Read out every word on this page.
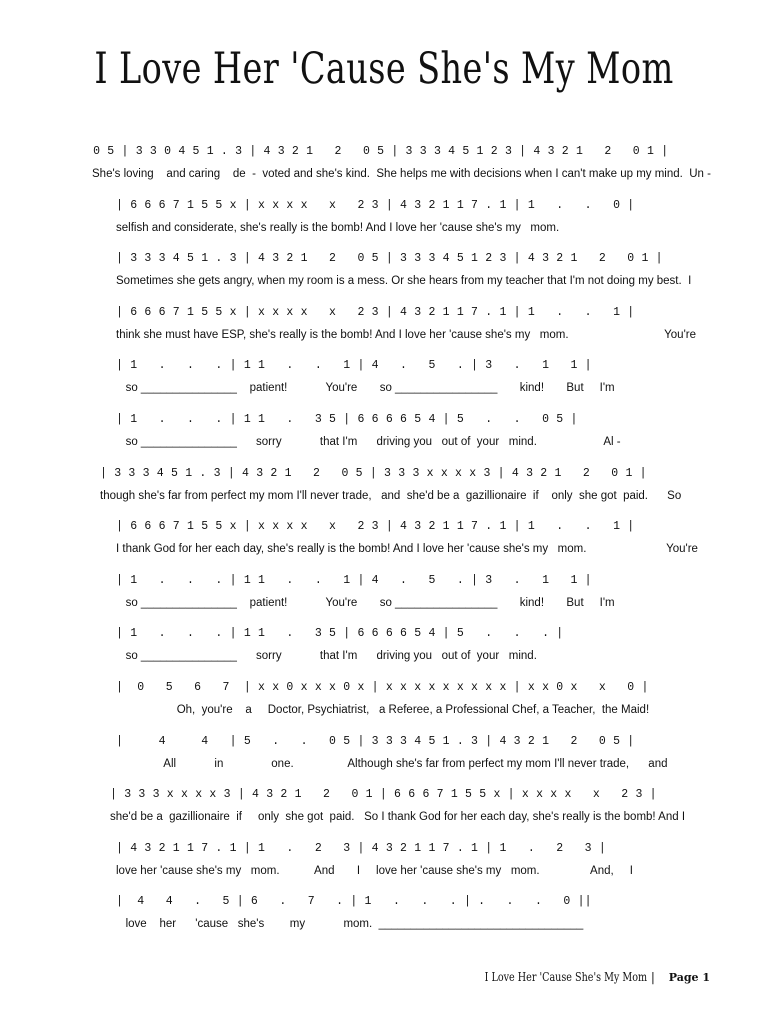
I Love Her 'Cause She's My Mom
0 5 | 3 3 0 4 5 1 . 3 | 4 3 2 1   2   0 5 | 3 3 3 4 5 1 2 3 | 4 3 2 1   2   0 1 |
She's loving    and caring    de  -  voted and she's kind.  She helps me with decisions when I can't make up my mind.  Un -
| 6 6 6 7 1 5 5 x | x x x x   x   2 3 | 4 3 2 1 1 7 . 1 | 1   .   .   0 |
selfish and considerate, she's really is the bomb! And I love her 'cause she's my   mom.
| 3 3 3 4 5 1 . 3 | 4 3 2 1   2   0 5 | 3 3 3 4 5 1 2 3 | 4 3 2 1   2   0 1 |
Sometimes she gets angry, when my room is a mess. Or she hears from my teacher that I'm not doing my best.  I
| 6 6 6 7 1 5 5 x | x x x x   x   2 3 | 4 3 2 1 1 7 . 1 | 1   .   .   1 |
think she must have ESP, she's really is the bomb! And I love her 'cause she's my   mom.                              You're
| 1   .   .   . | 1 1   .   .   1 | 4   .   5   . | 3   .   1   1 |
so _______________    patient!            You're       so ________________       kind!       But     I'm
| 1   .   .   . | 1 1   .   3 5 | 6 6 6 6 5 4 | 5   .   .   0 5 |
so _______________      sorry            that I'm      driving you   out of  your   mind.                     Al -
| 3 3 3 4 5 1 . 3 | 4 3 2 1   2   0 5 | 3 3 3 x x x x 3 | 4 3 2 1   2   0 1 |
though she's far from perfect my mom I'll never trade,   and  she'd be a  gazillionaire  if    only  she got  paid.      So
| 6 6 6 7 1 5 5 x | x x x x   x   2 3 | 4 3 2 1 1 7 . 1 | 1   .   .   1 |
I thank God for her each day, she's really is the bomb! And I love her 'cause she's my   mom.                         You're
| 1   .   .   . | 1 1   .   .   1 | 4   .   5   . | 3   .   1   1 |
so _______________    patient!            You're       so ________________       kind!       But     I'm
| 1   .   .   . | 1 1   .   3 5 | 6 6 6 6 5 4 | 5   .   .   . |
so _______________      sorry            that I'm      driving you   out of  your   mind.
|  0   5   6   7  | x x 0 x x x 0 x | x x x x x x x x x | x x 0 x   x   0 |
Oh,  you're    a     Doctor, Psychiatrist,   a Referee, a Professional Chef, a Teacher,  the Maid!
|     4     4   | 5   .   .   0 5 | 3 3 3 4 5 1 . 3 | 4 3 2 1   2   0 5 |
All            in               one.                 Although she's far from perfect my mom I'll never trade,      and
| 3 3 3 x x x x 3 | 4 3 2 1   2   0 1 | 6 6 6 7 1 5 5 x | x x x x   x   2 3 |
she'd be a  gazillionaire  if     only  she got  paid.   So I thank God for her each day, she's really is the bomb! And I
| 4 3 2 1 1 7 . 1 | 1   .   2   3 | 4 3 2 1 1 7 . 1 | 1   .   2   3 |
love her 'cause she's my   mom.           And       I     love her 'cause she's my   mom.                And,     I
|  4   4   .   5 | 6   .   7   . | 1   .   .   . | .   .   .   0 ||
love    her      'cause   she's        my            mom.  ________________________________
I Love Her 'Cause She's My Mom | Page 1
